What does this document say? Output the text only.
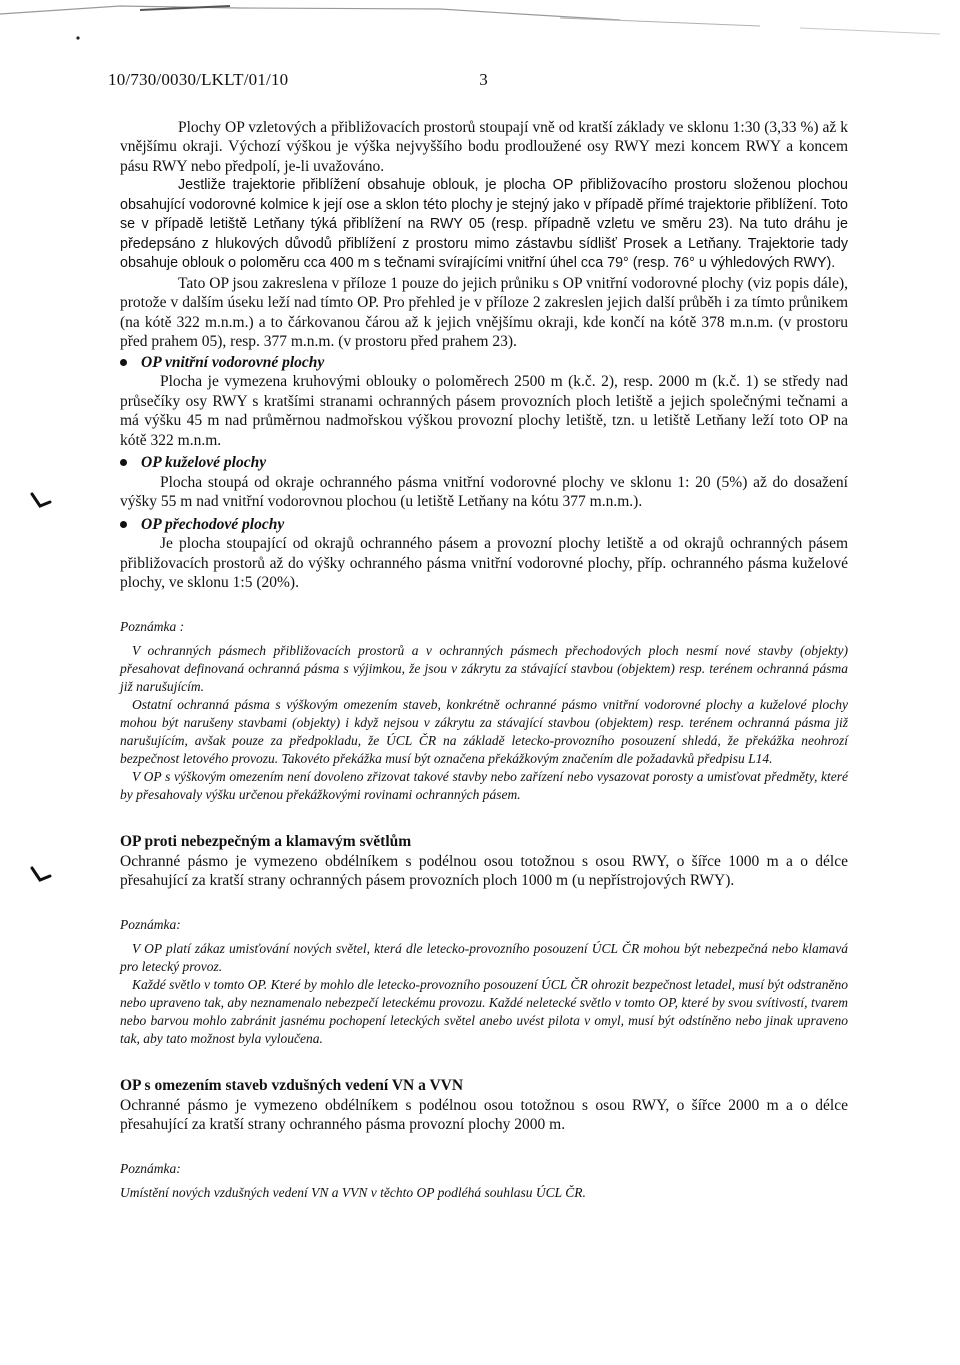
10/730/0030/LKLT/01/10	3

Plochy OP vzletových a přibližovacích prostorů stoupají vně od kratší základy ve sklonu 1:30 (3,33 %) až k vnějšímu okraji. Výchozí výškou je výška nejvyššího bodu prodloužené osy RWY mezi koncem RWY a koncem pásu RWY nebo předpolí, je-li uvažováno.

Jestliže trajektorie přiblížení obsahuje oblouk, je plocha OP přibližovacího prostoru složenou plochou obsahující vodorovné kolmice k její ose a sklon této plochy je stejný jako v případě přímé trajektorie přiblížení. Toto se v případě letiště Letňany týká přiblížení na RWY 05 (resp. případně vzletu ve směru 23). Na tuto dráhu je předepsáno z hlukových důvodů přiblížení z prostoru mimo zástavbu sídlišť Prosek a Letňany. Trajektorie tady obsahuje oblouk o poloměru cca 400 m s tečnami svírajícími vnitřní úhel cca 79° (resp. 76° u výhledových RWY).

Tato OP jsou zakreslena v příloze 1 pouze do jejich průniku s OP vnitřní vodorovné plochy (viz popis dále), protože v dalším úseku leží nad tímto OP. Pro přehled je v příloze 2 zakreslen jejich další průběh i za tímto průnikem (na kótě 322 m.n.m.) a to čárkovanou čárou až k jejich vnějšímu okraji, kde končí na kótě 378 m.n.m. (v prostoru před prahem 05), resp. 377 m.n.m. (v prostoru před prahem 23).

OP vnitřní vodorovné plochy

Plocha je vymezena kruhovými oblouky o poloměrech 2500 m (k.č. 2), resp. 2000 m (k.č. 1) se středy nad průsečíky osy RWY s kratšími stranami ochranných pásem provozních ploch letiště a jejich společnými tečnami a má výšku 45 m nad průměrnou nadmořskou výškou provozní plochy letiště, tzn. u letiště Letňany leží toto OP na kótě 322 m.n.m.

OP kuželové plochy

Plocha stoupá od okraje ochranného pásma vnitřní vodorovné plochy ve sklonu 1: 20 (5%) až do dosažení výšky 55 m nad vnitřní vodorovnou plochou (u letiště Letňany na kótu 377 m.n.m.).

OP přechodové plochy

Je plocha stoupající od okrajů ochranného pásem a provozní plochy letiště a od okrajů ochranných pásem přibližovacích prostorů až do výšky ochranného pásma vnitřní vodorovné plochy, příp. ochranného pásma kuželové plochy, ve sklonu 1:5 (20%).

Poznámka :

V ochranných pásmech přibližovacích prostorů a v ochranných pásmech přechodových ploch nesmí nové stavby (objekty) přesahovat definovaná ochranná pásma s výjimkou, že jsou v zákrytu za stávající stavbou (objektem) resp. terénem ochranná pásma již narušujícím.

Ostatní ochranná pásma s výškovým omezením staveb, konkrétně ochranné pásmo vnitřní vodorovné plochy a kuželové plochy mohou být narušeny stavbami (objekty) i když nejsou v zákrytu za stávající stavbou (objektem) resp. terénem ochranná pásma již narušujícím, avšak pouze za předpokladu, že ÚCL ČR na základě letecko-provozního posouzení shledá, že překážka neohrozí bezpečnost letového provozu. Takovéto překážka musí být označena překážkovým značením dle požadavků předpisu L14.

V OP s výškovým omezením není dovoleno zřizovat takové stavby nebo zařízení nebo vysazovat porosty a umisťovat předměty, které by přesahovaly výšku určenou překážkovými rovinami ochranných pásem.

OP proti nebezpečným a klamavým světlům

Ochranné pásmo je vymezeno obdélníkem s podélnou osou totožnou s osou RWY, o šířce 1000 m a o délce přesahující za kratší strany ochranných pásem provozních ploch 1000 m (u nepřístrojových RWY).

Poznámka:

V OP platí zákaz umisťování nových světel, která dle letecko-provozního posouzení ÚCL ČR mohou být nebezpečná nebo klamavá pro letecký provoz.

Každé světlo v tomto OP. Které by mohlo dle letecko-provozního posouzení ÚCL ČR ohrozit bezpečnost letadel, musí být odstraněno nebo upraveno tak, aby neznamenalo nebezpečí leteckému provozu. Každé neletecké světlo v tomto OP, které by svou svítivostí, tvarem nebo barvou mohlo zabránit jasnému pochopení leteckých světel anebo uvést pilota v omyl, musí být odstíněno nebo jinak upraveno tak, aby tato možnost byla vyloučena.

OP s omezením staveb vzdušných vedení VN a VVN

Ochranné pásmo je vymezeno obdélníkem s podélnou osou totožnou s osou RWY, o šířce 2000 m a o délce přesahující za kratší strany ochranného pásma provozní plochy 2000 m.

Poznámka:

Umístění nových vzdušných vedení VN a VVN v těchto OP podléhá souhlasu ÚCL ČR.
